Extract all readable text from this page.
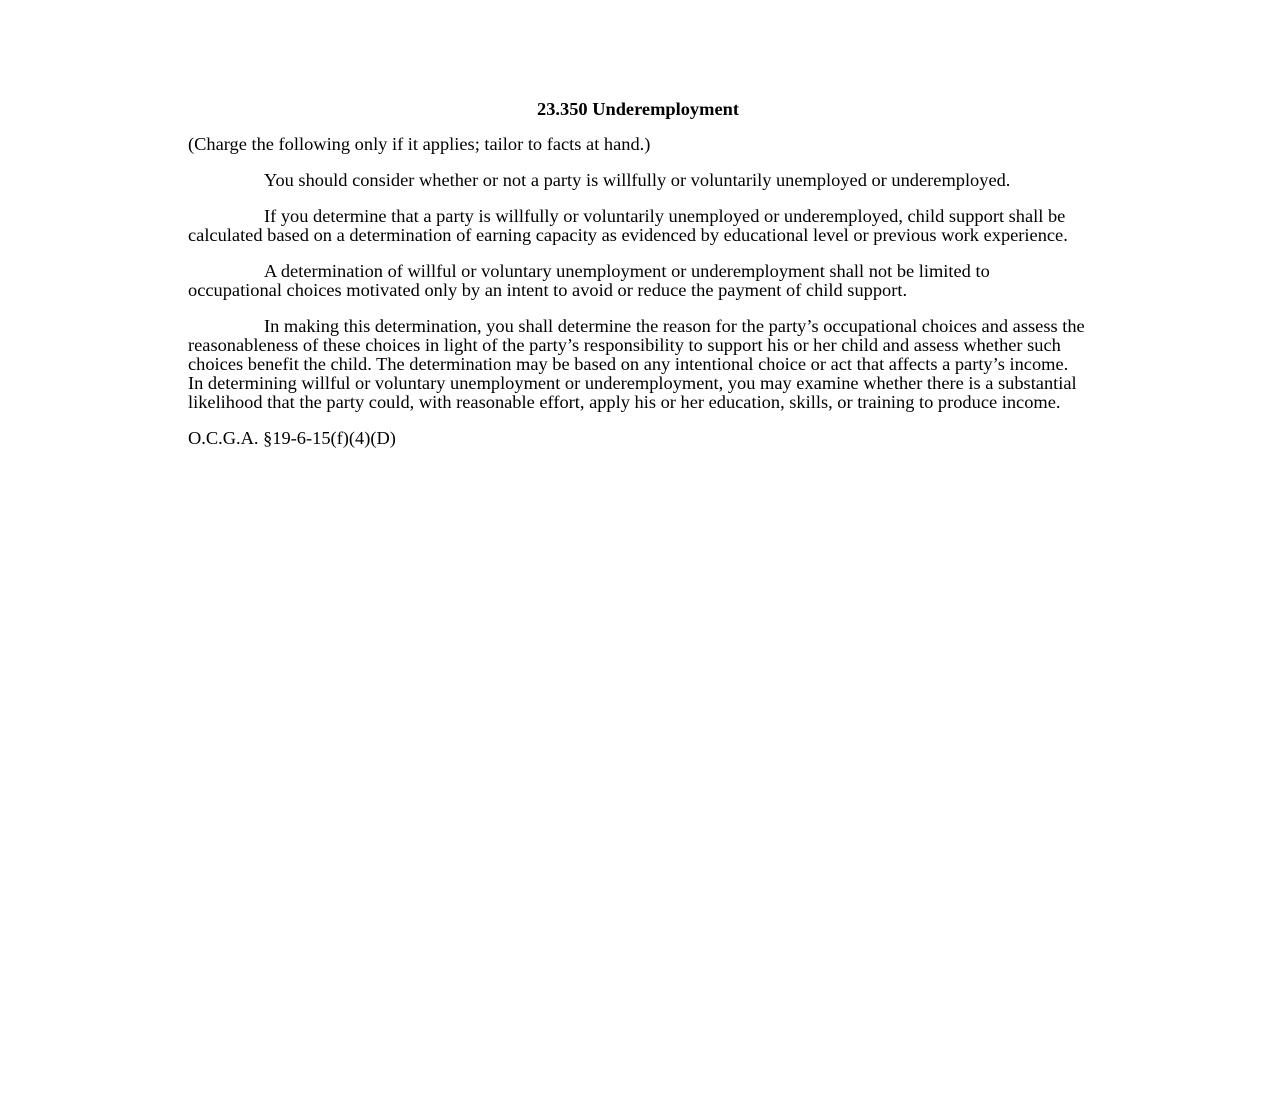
23.350 Underemployment
(Charge the following only if it applies; tailor to facts at hand.)
You should consider whether or not a party is willfully or voluntarily unemployed or underemployed.
If you determine that a party is willfully or voluntarily unemployed or underemployed, child support shall be calculated based on a determination of earning capacity as evidenced by educational level or previous work experience.
A determination of willful or voluntary unemployment or underemployment shall not be limited to occupational choices motivated only by an intent to avoid or reduce the payment of child support.
In making this determination, you shall determine the reason for the party’s occupational choices and assess the reasonableness of these choices in light of the party’s responsibility to support his or her child and assess whether such choices benefit the child. The determination may be based on any intentional choice or act that affects a party’s income. In determining willful or voluntary unemployment or underemployment, you may examine whether there is a substantial likelihood that the party could, with reasonable effort, apply his or her education, skills, or training to produce income.
O.C.G.A. §19-6-15(f)(4)(D)
